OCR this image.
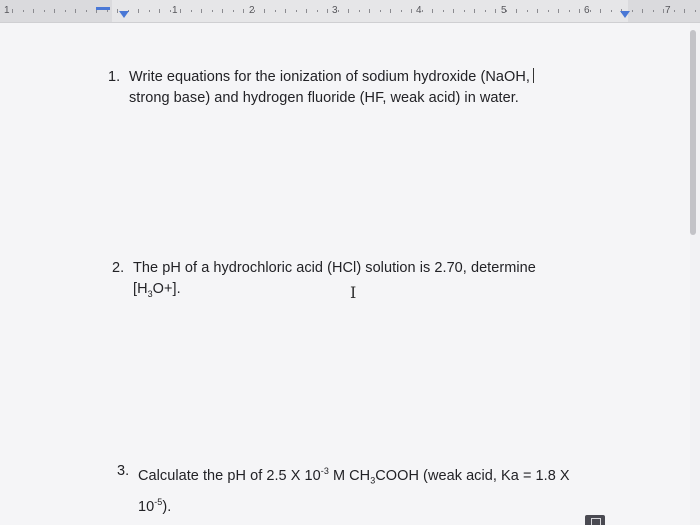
1	1	2	3	4	5	6	7
1. Write equations for the ionization of sodium hydroxide (NaOH,
strong base) and hydrogen fluoride (HF, weak acid) in water.
2. The pH of a hydrochloric acid (HCl) solution is 2.70, determine
$[H_3O+]$.	I
3. Calculate the pH of 2.5 X $10^{-3}$ M $CH_3COOH$ (weak acid, Ka = 1.8 X
$10^{-5}$).
